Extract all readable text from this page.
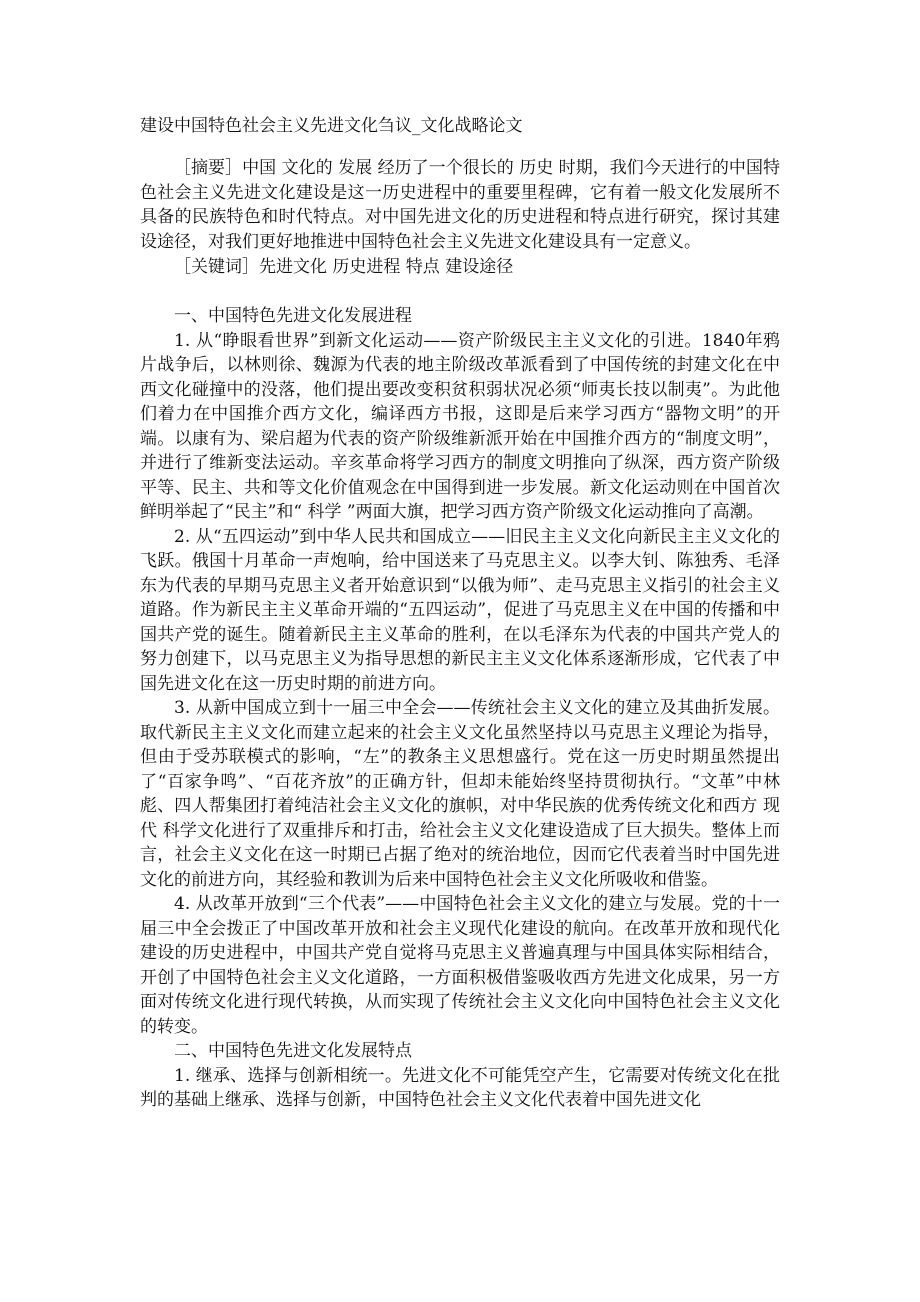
建设中国特色社会主义先进文化刍议_文化战略论文

［摘要］中国 文化的 发展 经历了一个很长的 历史 时期，我们今天进行的中国特色社会主义先进文化建设是这一历史进程中的重要里程碑，它有着一般文化发展所不具备的民族特色和时代特点。对中国先进文化的历史进程和特点进行研究，探讨其建设途径，对我们更好地推进中国特色社会主义先进文化建设具有一定意义。

［关键词］先进文化 历史进程 特点 建设途径

一、中国特色先进文化发展进程

1. 从“睁眼看世界”到新文化运动——资产阶级民主主义文化的引进。1840年鸦片战争后，以林则徐、魏源为代表的地主阶级改革派看到了中国传统的封建文化在中西文化碰撞中的没落，他们提出要改变积贫积弱状况必须“师夷长技以制夷”。为此他们着力在中国推介西方文化，编译西方书报，这即是后来学习西方“器物文明”的开端。以康有为、梁启超为代表的资产阶级维新派开始在中国推介西方的“制度文明”，并进行了维新变法运动。辛亥革命将学习西方的制度文明推向了纵深，西方资产阶级平等、民主、共和等文化价值观念在中国得到进一步发展。新文化运动则在中国首次鲜明举起了“民主”和“ 科学 ”两面大旗，把学习西方资产阶级文化运动推向了高潮。

2. 从“五四运动”到中华人民共和国成立——旧民主主义文化向新民主主义文化的飞跃。俄国十月革命一声炮响，给中国送来了马克思主义。以李大钊、陈独秀、毛泽东为代表的早期马克思主义者开始意识到“以俄为师”、走马克思主义指引的社会主义道路。作为新民主主义革命开端的“五四运动”，促进了马克思主义在中国的传播和中国共产党的诞生。随着新民主主义革命的胜利，在以毛泽东为代表的中国共产党人的努力创建下，以马克思主义为指导思想的新民主主义文化体系逐渐形成，它代表了中国先进文化在这一历史时期的前进方向。

3. 从新中国成立到十一届三中全会——传统社会主义文化的建立及其曲折发展。取代新民主主义文化而建立起来的社会主义文化虽然坚持以马克思主义理论为指导，但由于受苏联模式的影响，“左”的教条主义思想盛行。党在这一历史时期虽然提出了“百家争鸣”、“百花齐放”的正确方针，但却未能始终坚持贯彻执行。“文革”中林彪、四人帮集团打着纯洁社会主义文化的旗帜，对中华民族的优秀传统文化和西方 现代 科学文化进行了双重排斥和打击，给社会主义文化建设造成了巨大损失。整体上而言，社会主义文化在这一时期已占据了绝对的统治地位，因而它代表着当时中国先进文化的前进方向，其经验和教训为后来中国特色社会主义文化所吸收和借鉴。

4. 从改革开放到“三个代表”——中国特色社会主义文化的建立与发展。党的十一届三中全会拨正了中国改革开放和社会主义现代化建设的航向。在改革开放和现代化建设的历史进程中，中国共产党自觉将马克思主义普遍真理与中国具体实际相结合，开创了中国特色社会主义文化道路，一方面积极借鉴吸收西方先进文化成果，另一方面对传统文化进行现代转换，从而实现了传统社会主义文化向中国特色社会主义文化的转变。

二、中国特色先进文化发展特点

1. 继承、选择与创新相统一。先进文化不可能凭空产生，它需要对传统文化在批判的基础上继承、选择与创新，中国特色社会主义文化代表着中国先进文化
